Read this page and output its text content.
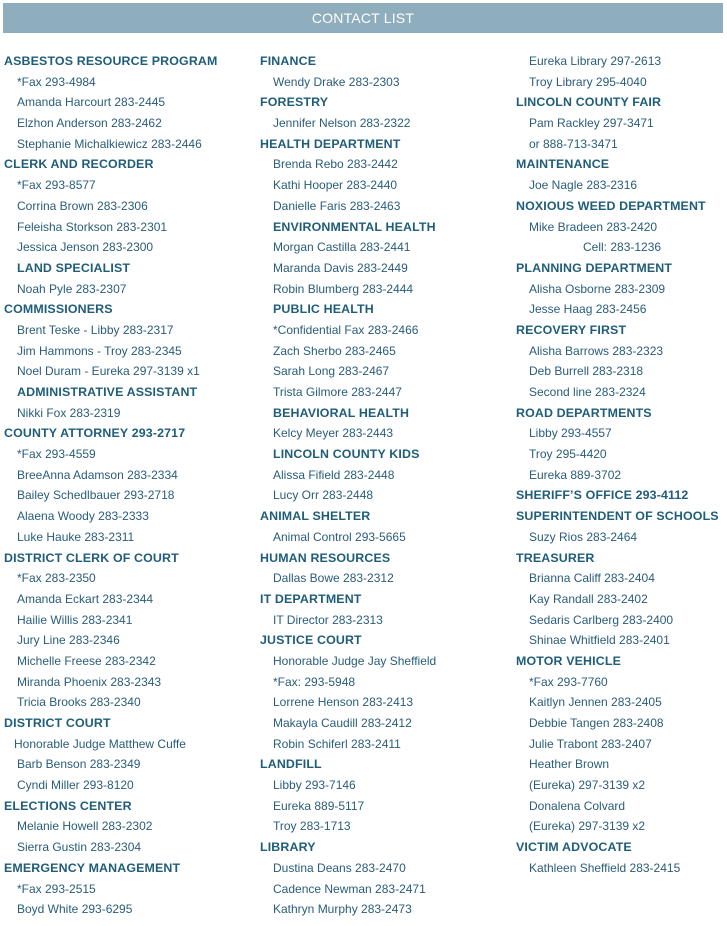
CONTACT LIST
ASBESTOS RESOURCE PROGRAM
*Fax 293-4984
Amanda Harcourt 283-2445
Elzhon Anderson 283-2462
Stephanie Michalkiewicz 283-2446
CLERK AND RECORDER
*Fax 293-8577
Corrina Brown 283-2306
Feleisha Storkson 283-2301
Jessica Jenson 283-2300
LAND SPECIALIST
Noah Pyle 283-2307
COMMISSIONERS
Brent Teske - Libby 283-2317
Jim Hammons - Troy 283-2345
Noel Duram - Eureka 297-3139 x1
ADMINISTRATIVE ASSISTANT
Nikki Fox 283-2319
COUNTY ATTORNEY 293-2717
*Fax 293-4559
BreeAnna Adamson 283-2334
Bailey Schedlbauer 293-2718
Alaena Woody 283-2333
Luke Hauke 283-2311
DISTRICT CLERK OF COURT
*Fax 283-2350
Amanda Eckart 283-2344
Hailie Willis 283-2341
Jury Line 283-2346
Michelle Freese 283-2342
Miranda Phoenix 283-2343
Tricia Brooks 283-2340
DISTRICT COURT
Honorable Judge Matthew Cuffe
Barb Benson 283-2349
Cyndi Miller 293-8120
ELECTIONS CENTER
Melanie Howell 283-2302
Sierra Gustin 283-2304
EMERGENCY MANAGEMENT
*Fax 293-2515
Boyd White 293-6295
FINANCE
Wendy Drake 283-2303
FORESTRY
Jennifer Nelson 283-2322
HEALTH DEPARTMENT
Brenda Rebo 283-2442
Kathi Hooper 283-2440
Danielle Faris 283-2463
ENVIRONMENTAL HEALTH
Morgan Castilla 283-2441
Maranda Davis 283-2449
Robin Blumberg 283-2444
PUBLIC HEALTH
*Confidential Fax 283-2466
Zach Sherbo 283-2465
Sarah Long 283-2467
Trista Gilmore 283-2447
BEHAVIORAL HEALTH
Kelcy Meyer 283-2443
LINCOLN COUNTY KIDS
Alissa Fifield 283-2448
Lucy Orr 283-2448
ANIMAL SHELTER
Animal Control 293-5665
HUMAN RESOURCES
Dallas Bowe 283-2312
IT DEPARTMENT
IT Director 283-2313
JUSTICE COURT
Honorable Judge Jay Sheffield
*Fax: 293-5948
Lorrene Henson 283-2413
Makayla Caudill 283-2412
Robin Schiferl 283-2411
LANDFILL
Libby 293-7146
Eureka 889-5117
Troy 283-1713
LIBRARY
Dustina Deans 283-2470
Cadence Newman 283-2471
Kathryn Murphy 283-2473
Eureka Library 297-2613
Troy Library 295-4040
LINCOLN COUNTY FAIR
Pam Rackley 297-3471
or 888-713-3471
MAINTENANCE
Joe Nagle 283-2316
NOXIOUS WEED DEPARTMENT
Mike Bradeen 283-2420
Cell: 283-1236
PLANNING DEPARTMENT
Alisha Osborne 283-2309
Jesse Haag 283-2456
RECOVERY FIRST
Alisha Barrows 283-2323
Deb Burrell 283-2318
Second line 283-2324
ROAD DEPARTMENTS
Libby 293-4557
Troy 295-4420
Eureka 889-3702
SHERIFF’S OFFICE 293-4112
SUPERINTENDENT OF SCHOOLS
Suzy Rios 283-2464
TREASURER
Brianna Califf 283-2404
Kay Randall 283-2402
Sedaris Carlberg 283-2400
Shinae Whitfield 283-2401
MOTOR VEHICLE
*Fax 293-7760
Kaitlyn Jennen 283-2405
Debbie Tangen 283-2408
Julie Trabont 283-2407
Heather Brown
(Eureka) 297-3139 x2
Donalena Colvard
(Eureka) 297-3139 x2
VICTIM ADVOCATE
Kathleen Sheffield 283-2415
